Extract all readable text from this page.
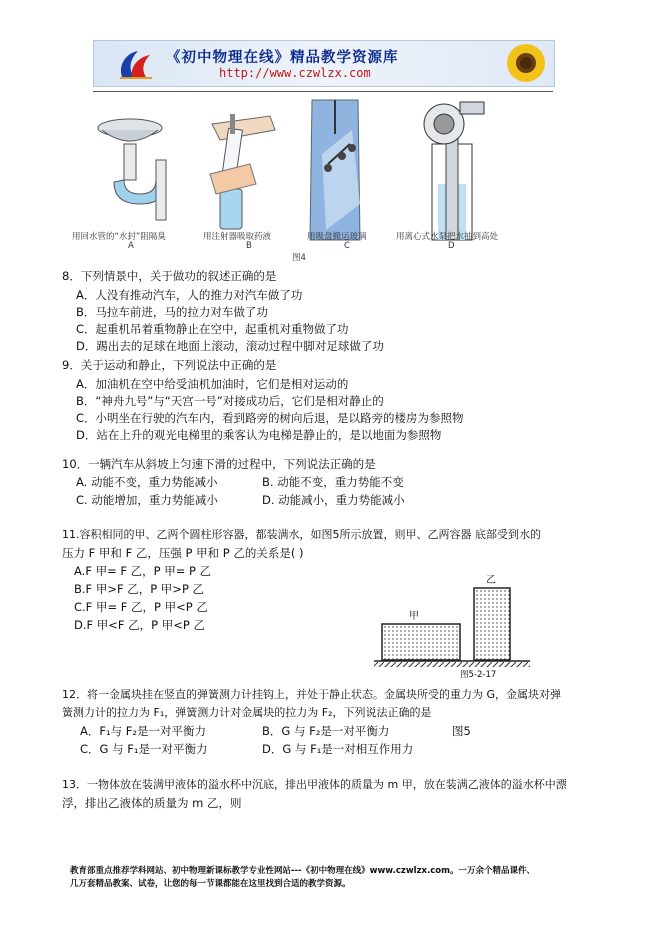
《初中物理在线》精品教学资源库
http://www.czwlzx.com
用回水管的“水封”阻隔臭	用注射器吸取药液	用吸盘搬运玻璃	用离心式水泵把水抽到高处
A	B	C	D
图4
8．下列情景中，关于做功的叙述正确的是
A．人没有推动汽车，人的推力对汽车做了功
B．马拉车前进，马的拉力对车做了功
C．起重机吊着重物静止在空中，起重机对重物做了功
D．踢出去的足球在地面上滚动，滚动过程中脚对足球做了功
9．关于运动和静止，下列说法中正确的是
A．加油机在空中给受油机加油时，它们是相对运动的
B．“神舟九号”与“天宫一号”对接成功后，它们是相对静止的
C．小明坐在行驶的汽车内，看到路旁的树向后退，是以路旁的楼房为参照物
D．站在上升的观光电梯里的乘客认为电梯是静止的，是以地面为参照物
10．一辆汽车从斜坡上匀速下滑的过程中，下列说法正确的是
A. 动能不变，重力势能减小	B. 动能不变，重力势能不变
C. 动能增加，重力势能减小	D. 动能减小，重力势能减小
11.容积相同的甲、乙两个圆柱形容器，都装满水，如图5所示放置，则甲、乙两容器 底部受到水的
压力 F 甲和 F 乙，压强 P 甲和 P 乙的关系是( )
A.F 甲= F 乙，P 甲= P 乙
B.F 甲>F 乙，P 甲>P 乙
C.F 甲= F 乙，P 甲<P 乙
D.F 甲<F 乙，P 甲<P 乙
甲
乙
图5-2-17
12．将一金属块挂在竖直的弹簧测力计挂钩上，并处于静止状态。金属块所受的重力为 G，金属块对弹
簧测力计的拉力为 F₁，弹簧测力计对金属块的拉力为 F₂，下列说法正确的是
图5
A．F₁与 F₂是一对平衡力	B．G 与 F₂是一对平衡力
C．G 与 F₁是一对平衡力	D．G 与 F₁是一对相互作用力
13．一物体放在装满甲液体的溢水杯中沉底，排出甲液体的质量为 m 甲，放在装满乙液体的溢水杯中漂
浮，排出乙液体的质量为 m 乙，则
教育部重点推荐学科网站、初中物理新课标教学专业性网站---《初中物理在线》www.czwlzx.com。一万余个精品课件、
几万套精品教案、试卷，让您的每一节课都能在这里找到合适的教学资源。
